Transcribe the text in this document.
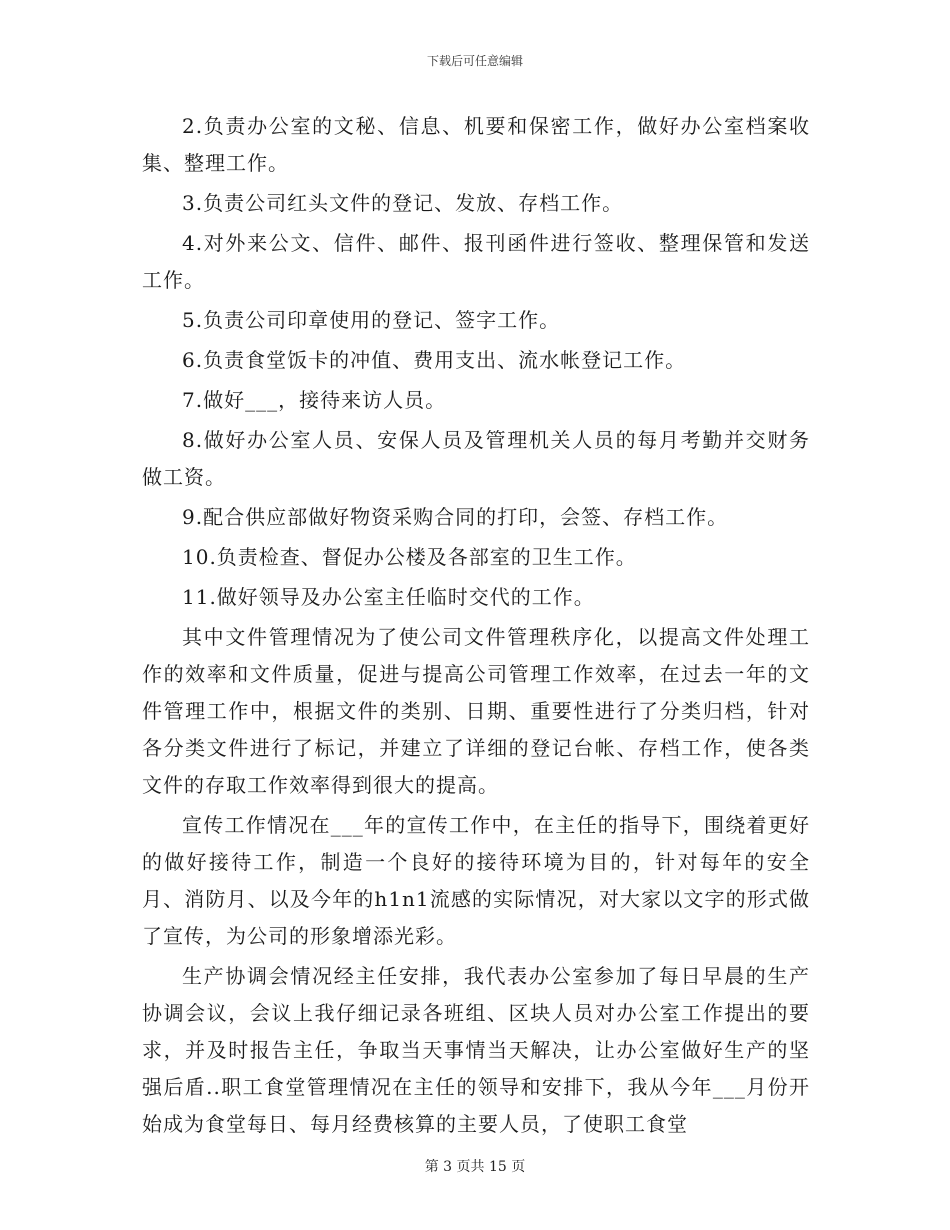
下载后可任意编辑

2.负责办公室的文秘、信息、机要和保密工作，做好办公室档案收集、整理工作。

3.负责公司红头文件的登记、发放、存档工作。

4.对外来公文、信件、邮件、报刊函件进行签收、整理保管和发送工作。

5.负责公司印章使用的登记、签字工作。

6.负责食堂饭卡的冲值、费用支出、流水帐登记工作。

7.做好___，接待来访人员。

8.做好办公室人员、安保人员及管理机关人员的每月考勤并交财务做工资。

9.配合供应部做好物资采购合同的打印，会签、存档工作。

10.负责检查、督促办公楼及各部室的卫生工作。

11.做好领导及办公室主任临时交代的工作。

其中文件管理情况为了使公司文件管理秩序化，以提高文件处理工作的效率和文件质量，促进与提高公司管理工作效率，在过去一年的文件管理工作中，根据文件的类别、日期、重要性进行了分类归档，针对各分类文件进行了标记，并建立了详细的登记台帐、存档工作，使各类文件的存取工作效率得到很大的提高。

宣传工作情况在___年的宣传工作中，在主任的指导下，围绕着更好的做好接待工作，制造一个良好的接待环境为目的，针对每年的安全月、消防月、以及今年的h1n1流感的实际情况，对大家以文字的形式做了宣传，为公司的形象增添光彩。

生产协调会情况经主任安排，我代表办公室参加了每日早晨的生产协调会议，会议上我仔细记录各班组、区块人员对办公室工作提出的要求，并及时报告主任，争取当天事情当天解决，让办公室做好生产的坚强后盾..职工食堂管理情况在主任的领导和安排下，我从今年___月份开始成为食堂每日、每月经费核算的主要人员，了使职工食堂

第 3 页共 15 页
